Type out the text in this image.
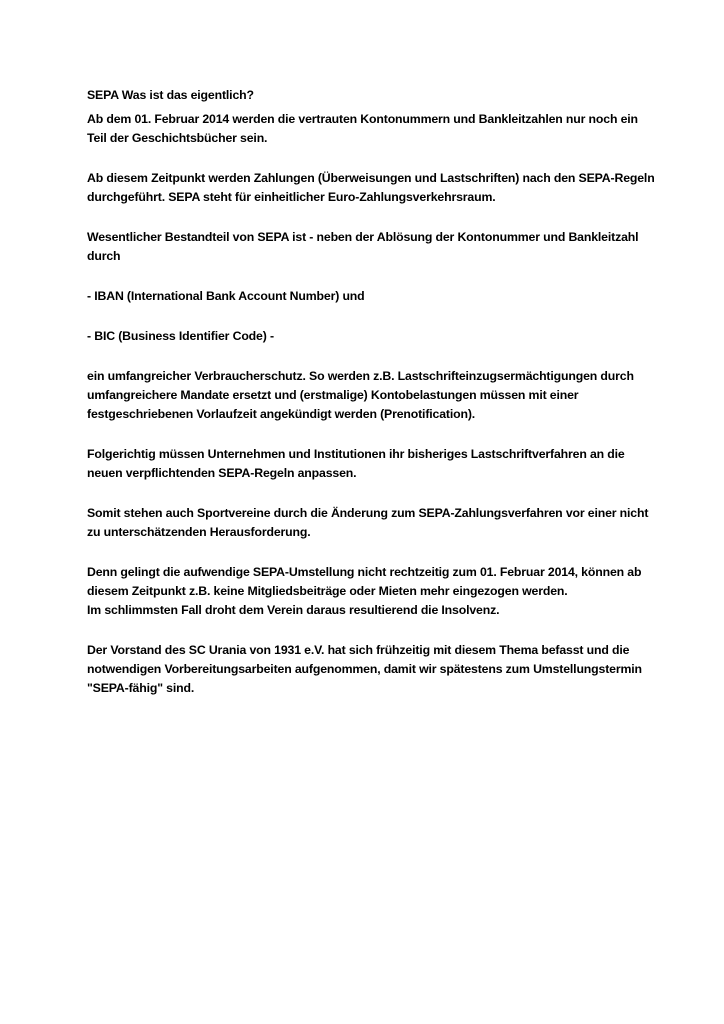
SEPA Was ist das eigentlich?
Ab dem 01. Februar 2014 werden die vertrauten Kontonummern und Bankleitzahlen nur noch ein
Teil der Geschichtsbücher sein.
Ab diesem Zeitpunkt werden Zahlungen (Überweisungen und Lastschriften) nach den SEPA-Regeln
durchgeführt. SEPA steht für einheitlicher Euro-Zahlungsverkehrsraum.
Wesentlicher Bestandteil von SEPA ist - neben der Ablösung der Kontonummer und Bankleitzahl
durch
- IBAN (International Bank Account Number) und
- BIC (Business Identifier Code) -
ein umfangreicher Verbraucherschutz. So werden z.B. Lastschrifteinzugsermächtigungen durch
umfangreichere Mandate ersetzt und (erstmalige) Kontobelastungen müssen mit einer
festgeschriebenen Vorlaufzeit angekündigt werden (Prenotification).
Folgerichtig müssen Unternehmen und Institutionen ihr bisheriges Lastschriftverfahren an die
neuen verpflichtenden SEPA-Regeln anpassen.
Somit stehen auch Sportvereine durch die Änderung zum SEPA-Zahlungsverfahren vor einer nicht
zu unterschätzenden Herausforderung.
Denn gelingt die aufwendige SEPA-Umstellung nicht rechtzeitig zum 01. Februar 2014, können ab
diesem Zeitpunkt z.B. keine Mitgliedsbeiträge oder Mieten mehr eingezogen werden.
Im schlimmsten Fall droht dem Verein daraus resultierend die Insolvenz.
Der Vorstand des SC Urania von 1931 e.V. hat sich frühzeitig mit diesem Thema befasst und die
notwendigen Vorbereitungsarbeiten aufgenommen, damit wir spätestens zum Umstellungstermin
"SEPA-fähig" sind.
